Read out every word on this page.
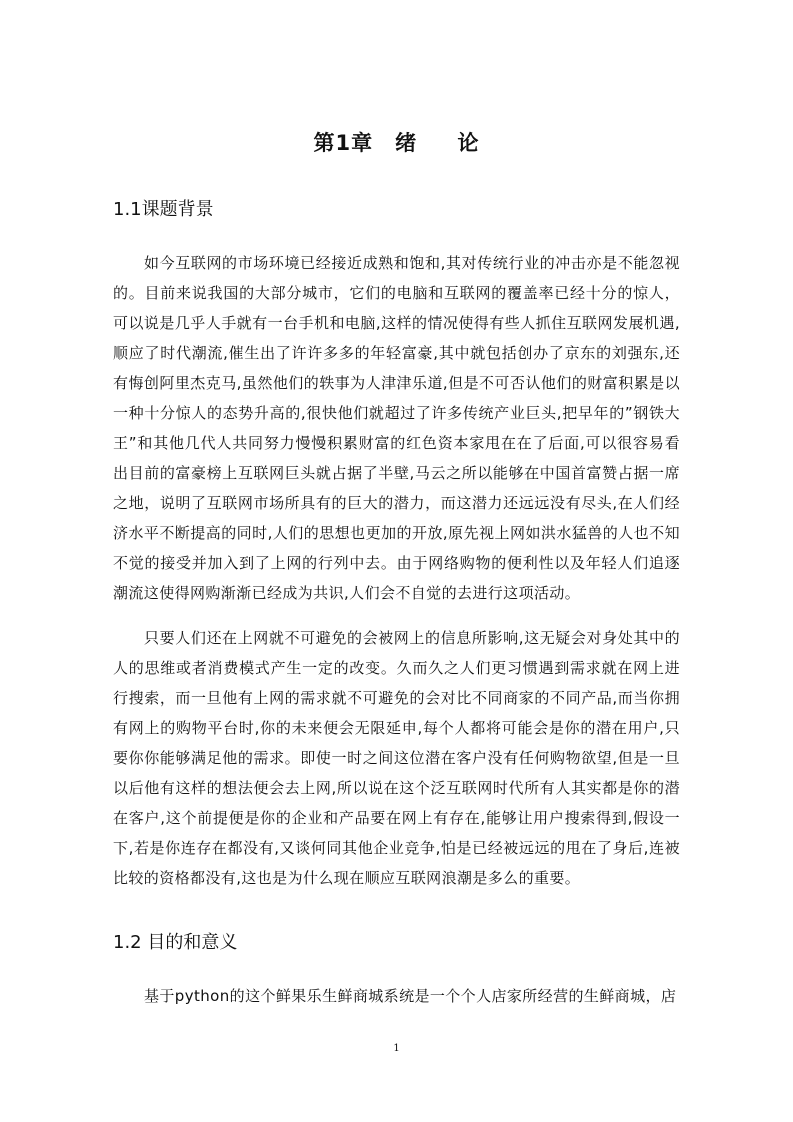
第1章　绪　 论
1.1课题背景

如今互联网的市场环境已经接近成熟和饱和,其对传统行业的冲击亦是不能忽视的。目前来说我国的大部分城市，它们的电脑和互联网的覆盖率已经十分的惊人，可以说是几乎人手就有一台手机和电脑,这样的情况使得有些人抓住互联网发展机遇,顺应了时代潮流,催生出了许许多多的年轻富豪,其中就包括创办了京东的刘强东,还有悔创阿里杰克马,虽然他们的轶事为人津津乐道,但是不可否认他们的财富积累是以一种十分惊人的态势升高的,很快他们就超过了许多传统产业巨头,把早年的”钢铁大王”和其他几代人共同努力慢慢积累财富的红色资本家甩在在了后面,可以很容易看出目前的富豪榜上互联网巨头就占据了半壁,马云之所以能够在中国首富赞占据一席之地，说明了互联网市场所具有的巨大的潜力，而这潜力还远远没有尽头,在人们经济水平不断提高的同时,人们的思想也更加的开放,原先视上网如洪水猛兽的人也不知不觉的接受并加入到了上网的行列中去。由于网络购物的便利性以及年轻人们追逐潮流这使得网购渐渐已经成为共识,人们会不自觉的去进行这项活动。

只要人们还在上网就不可避免的会被网上的信息所影响,这无疑会对身处其中的人的思维或者消费模式产生一定的改变。久而久之人们更习惯遇到需求就在网上进行搜索，而一旦他有上网的需求就不可避免的会对比不同商家的不同产品,而当你拥有网上的购物平台时,你的未来便会无限延申,每个人都将可能会是你的潜在用户,只要你你能够满足他的需求。即使一时之间这位潜在客户没有任何购物欲望,但是一旦以后他有这样的想法便会去上网,所以说在这个泛互联网时代所有人其实都是你的潜在客户,这个前提便是你的企业和产品要在网上有存在,能够让用户搜索得到,假设一下,若是你连存在都没有,又谈何同其他企业竞争,怕是已经被远远的甩在了身后,连被比较的资格都没有,这也是为什么现在顺应互联网浪潮是多么的重要。

1.2 目的和意义

基于python的这个鲜果乐生鲜商城系统是一个个人店家所经营的生鲜商城，店

1
